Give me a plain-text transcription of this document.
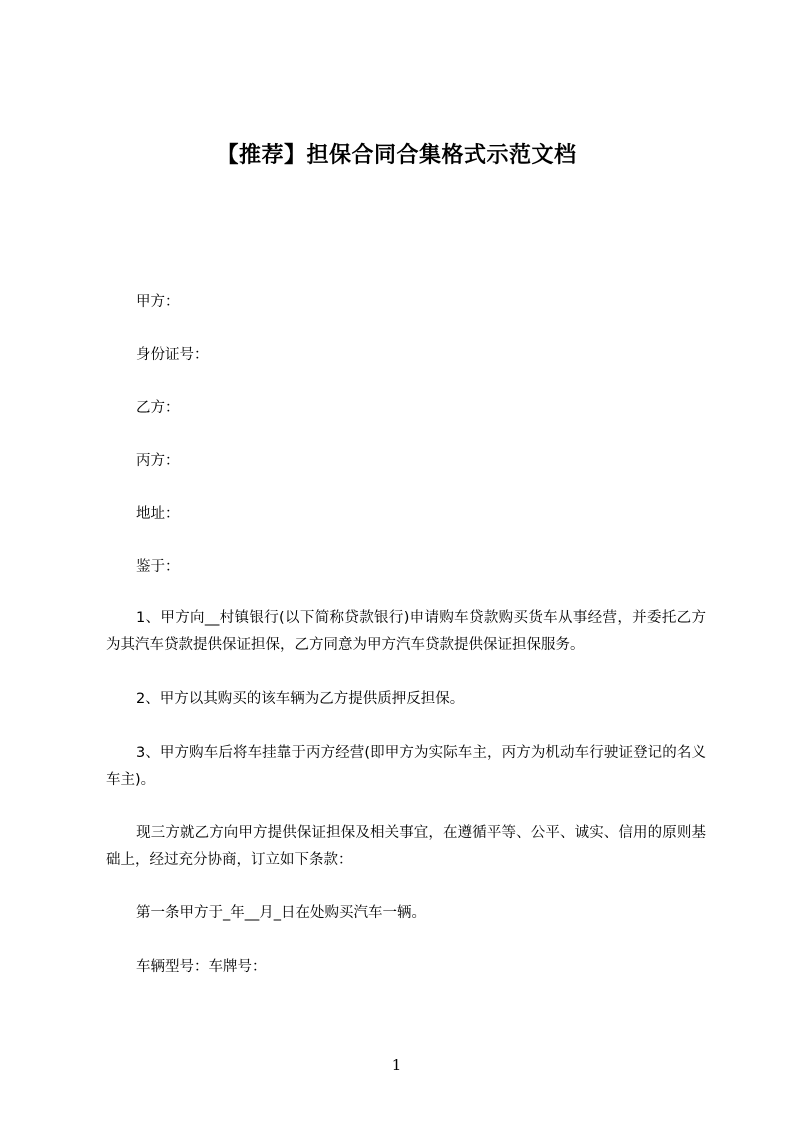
【推荐】担保合同合集格式示范文档
甲方：
身份证号：
乙方：
丙方：
地址：
鉴于：
1、甲方向__村镇银行(以下简称贷款银行)申请购车贷款购买货车从事经营，并委托乙方为其汽车贷款提供保证担保，乙方同意为甲方汽车贷款提供保证担保服务。
2、甲方以其购买的该车辆为乙方提供质押反担保。
3、甲方购车后将车挂靠于丙方经营(即甲方为实际车主，丙方为机动车行驶证登记的名义车主)。
现三方就乙方向甲方提供保证担保及相关事宜，在遵循平等、公平、诚实、信用的原则基础上，经过充分协商，订立如下条款：
第一条甲方于_年__月_日在处购买汽车一辆。
车辆型号：车牌号：
1
